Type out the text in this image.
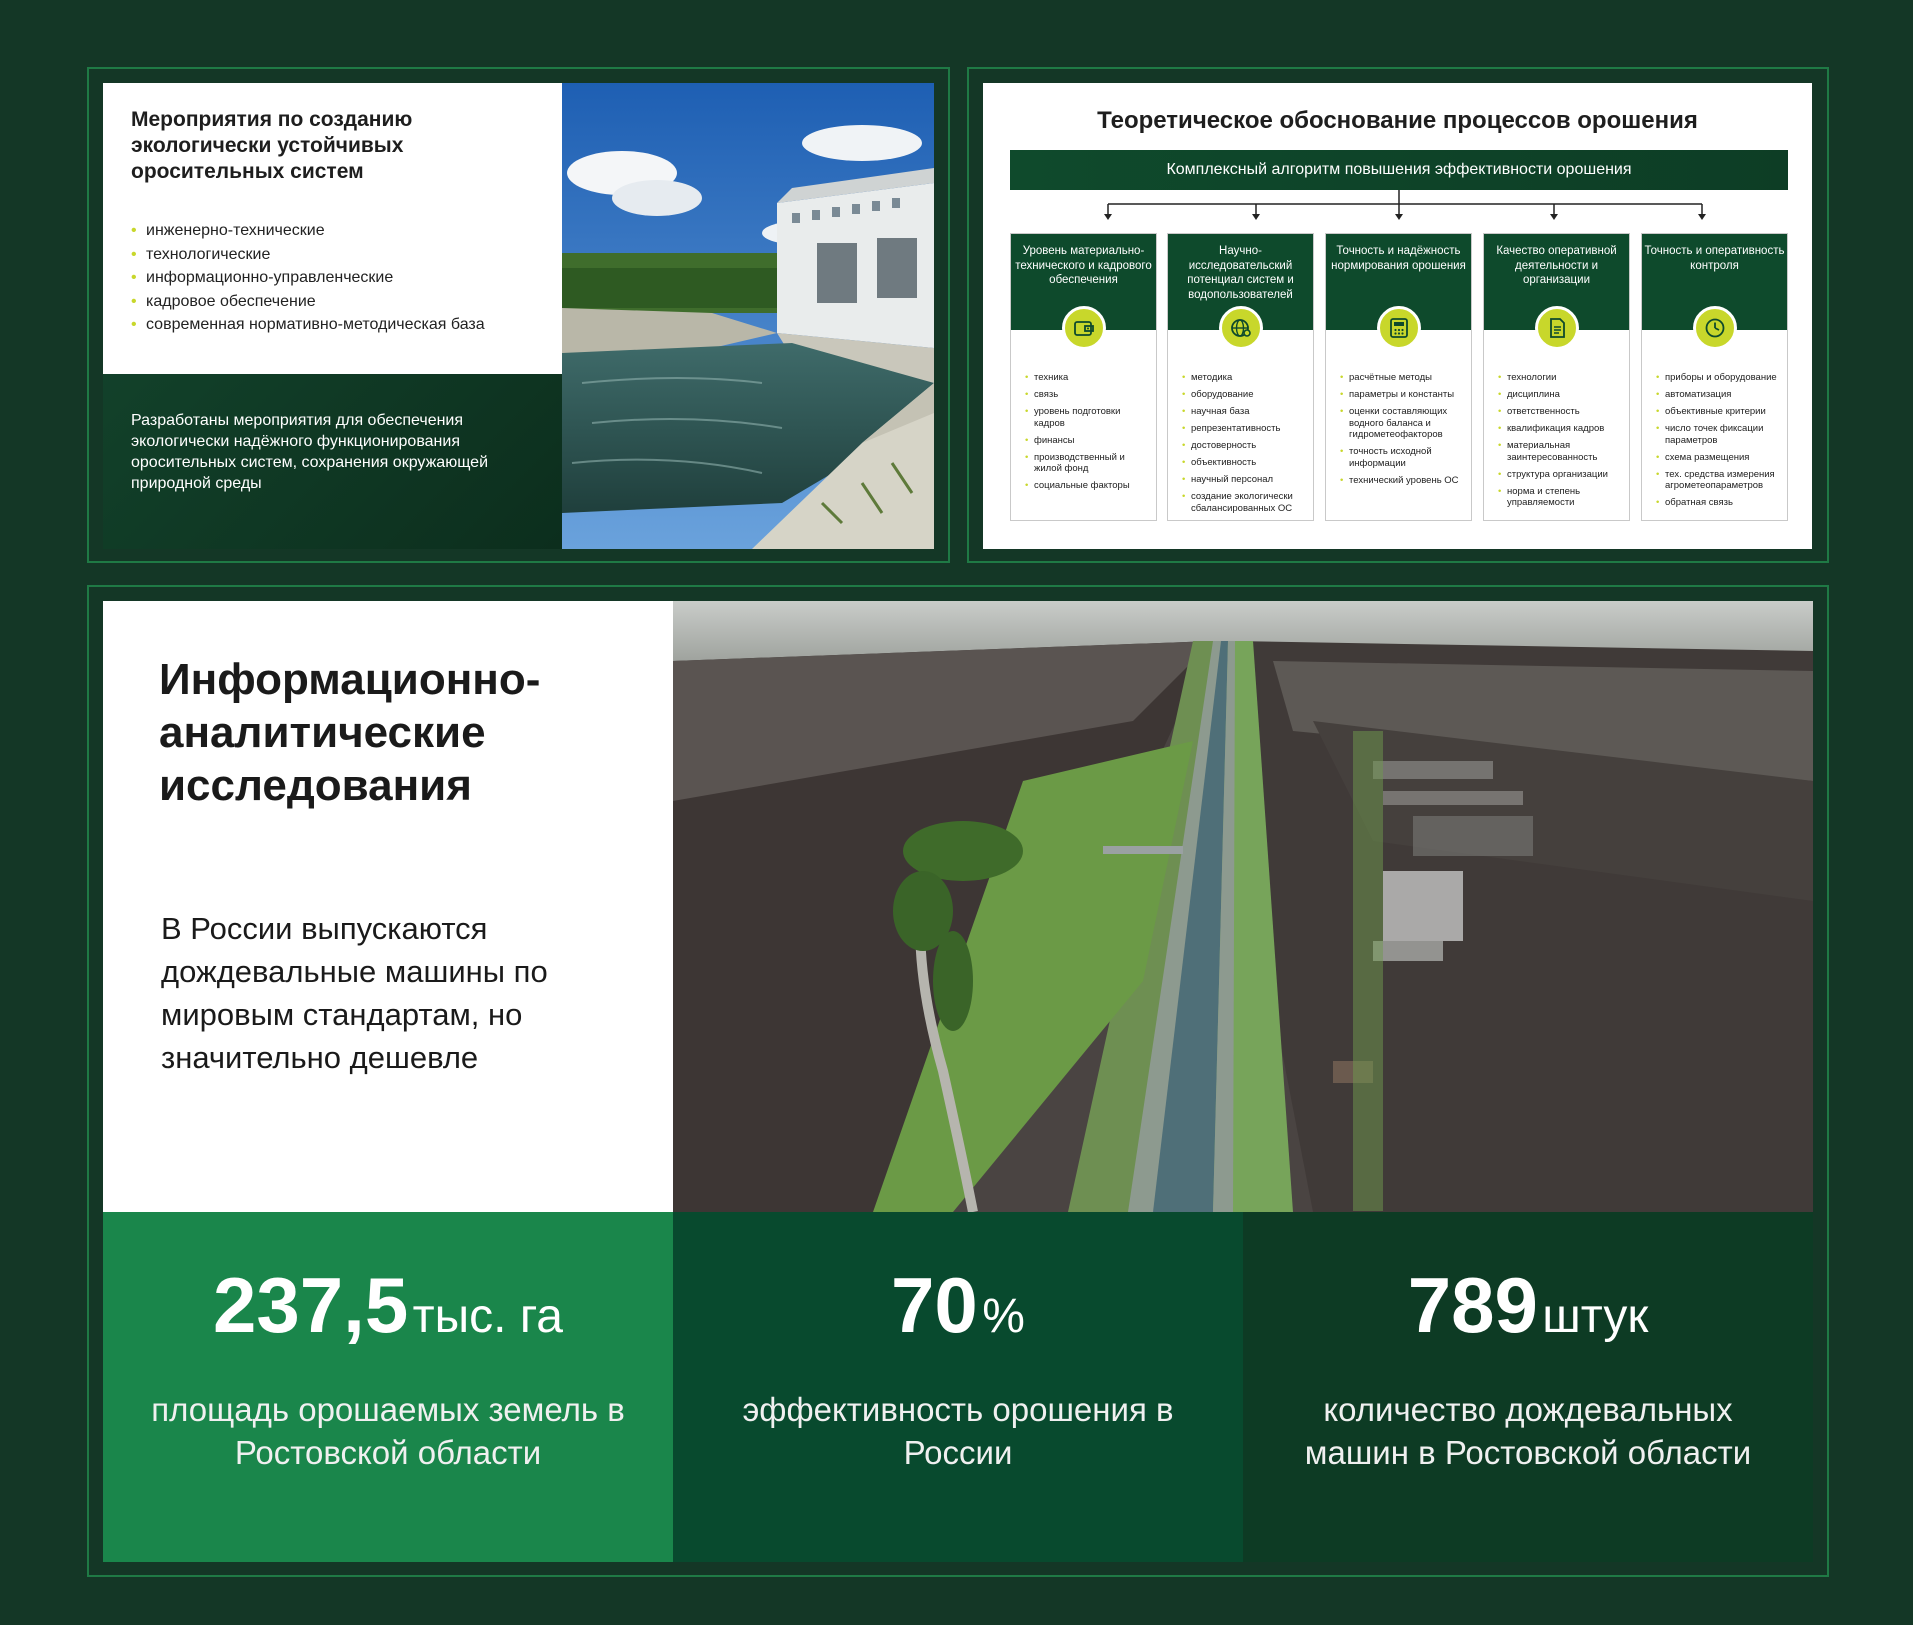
Мероприятия по созданию экологически устойчивых оросительных систем
• инженерно-технические
• технологические
• информационно-управленческие
• кадровое обеспечение
• современная нормативно-методическая база

Разработаны мероприятия для обеспечения экологически надёжного функционирования оросительных систем, сохранения окружающей природной среды

Теоретическое обоснование процессов орошения
Комплексный алгоритм повышения эффективности орошения
Уровень материально-технического и кадрового обеспечения
• техника
• связь
• уровень подготовки кадров
• финансы
• производственный и жилой фонд
• социальные факторы
Научно-исследовательский потенциал систем и водопользователей
• методика
• оборудование
• научная база
• репрезентативность
• достоверность
• объективность
• научный персонал
• создание экологически сбалансированных ОС
Точность и надёжность нормирования орошения
• расчётные методы
• параметры и константы
• оценки составляющих водного баланса и гидрометеофакторов
• точность исходной информации
• технический уровень ОС
Качество оперативной деятельности и организации
• технологии
• дисциплина
• ответственность
• квалификация кадров
• материальная заинтересованность
• структура организации
• норма и степень управляемости
Точность и оперативность контроля
• приборы и оборудование
• автоматизация
• объективные критерии
• число точек фиксации параметров
• схема размещения
• тех. средства измерения агрометеопараметров
• обратная связь
Информационно-аналитические исследования

В России выпускаются дождевальные машины по мировым стандартам, но значительно дешевле

237,5 тыс. га
площадь орошаемых земель в Ростовской области
70 %
эффективность орошения в России
789 штук
количество дождевальных машин в Ростовской области
